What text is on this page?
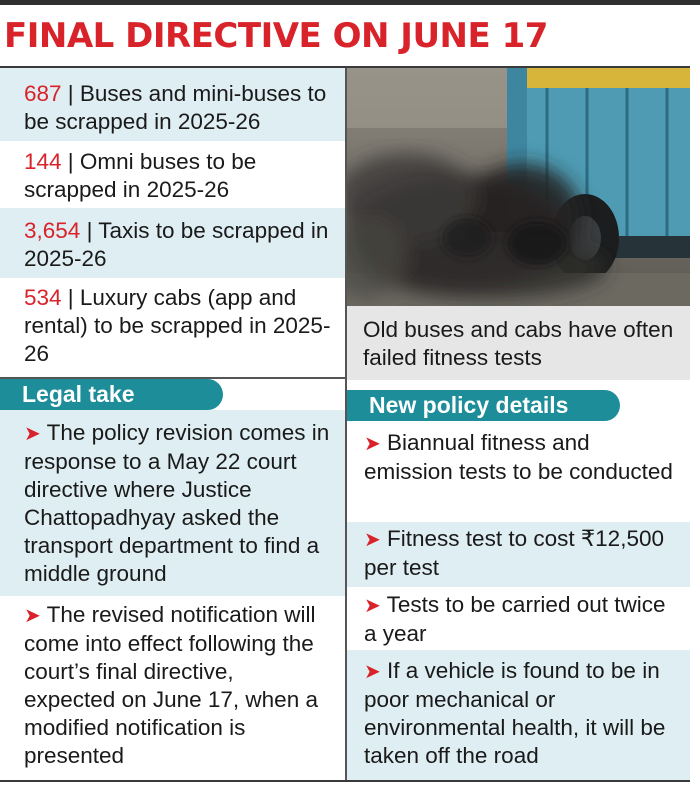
FINAL DIRECTIVE ON JUNE 17
687 | Buses and mini-buses to be scrapped in 2025-26
144 | Omni buses to be scrapped in 2025-26
3,654 | Taxis to be scrapped in 2025-26
534 | Luxury cabs (app and rental) to be scrapped in 2025-26
Old buses and cabs have often failed fitness tests
Legal take
➤ The policy revision comes in response to a May 22 court directive where Justice Chattopadhyay asked the transport department to find a middle ground
➤ The revised notification will come into effect following the court’s final directive, expected on June 17, when a modified notification is presented
New policy details
➤ Biannual fitness and emission tests to be conducted
➤ Fitness test to cost ₹12,500 per test
➤ Tests to be carried out twice a year
➤ If a vehicle is found to be in poor mechanical or environmental health, it will be taken off the road
